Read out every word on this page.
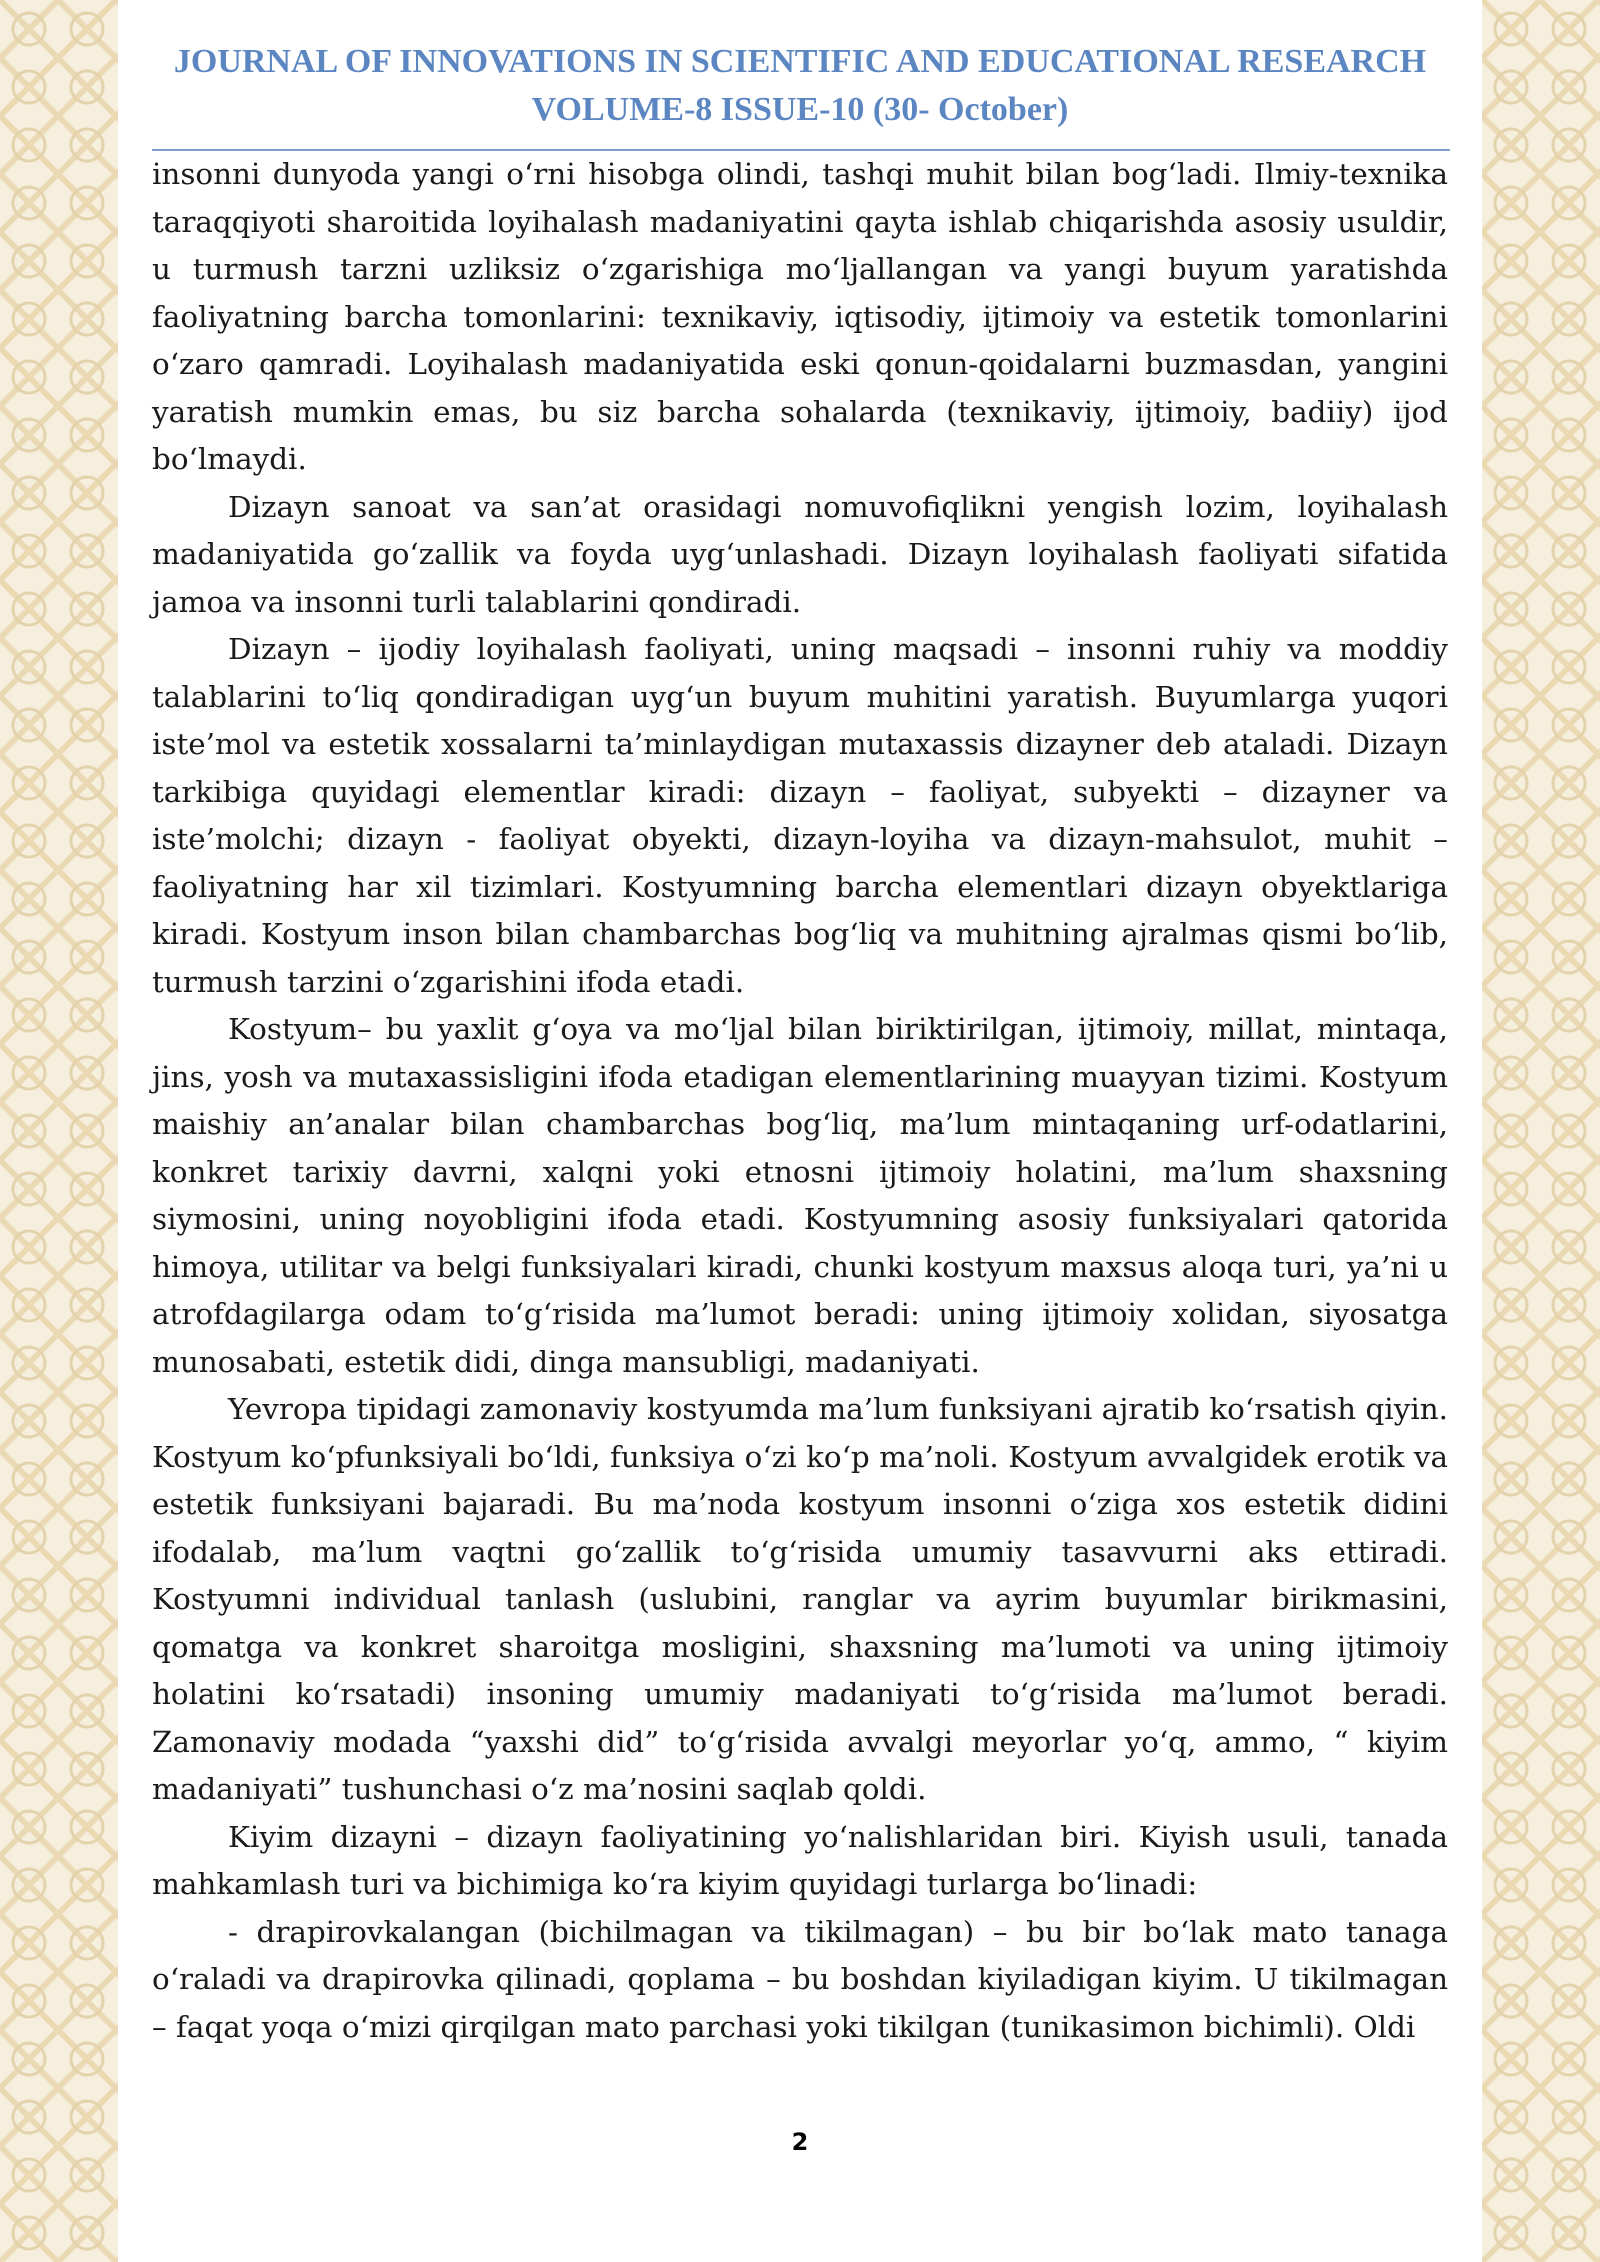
JOURNAL OF INNOVATIONS IN SCIENTIFIC AND EDUCATIONAL RESEARCH
VOLUME-8 ISSUE-10 (30- October)

insonni dunyoda yangi oʻrni hisobga olindi, tashqi muhit bilan bogʻladi. Ilmiy-texnika taraqqiyoti sharoitida loyihalash madaniyatini qayta ishlab chiqarishda asosiy usuldir, u turmush tarzni uzliksiz oʻzgarishiga moʻljallangan va yangi buyum yaratishda faoliyatning barcha tomonlarini: texnikaviy, iqtisodiy, ijtimoiy va estetik tomonlarini oʻzaro qamradi. Loyihalash madaniyatida eski qonun-qoidalarni buzmasdan, yangini yaratish mumkin emas, bu siz barcha sohalarda (texnikaviy, ijtimoiy, badiiy) ijod boʻlmaydi.

Dizayn sanoat va san’at orasidagi nomuvofiqlikni yengish lozim, loyihalash madaniyatida goʻzallik va foyda uygʻunlashadi. Dizayn loyihalash faoliyati sifatida jamoa va insonni turli talablarini qondiradi.

Dizayn – ijodiy loyihalash faoliyati, uning maqsadi – insonni ruhiy va moddiy talablarini toʻliq qondiradigan uygʻun buyum muhitini yaratish. Buyumlarga yuqori iste’mol va estetik xossalarni ta’minlaydigan mutaxassis dizayner deb ataladi. Dizayn tarkibiga quyidagi elementlar kiradi: dizayn – faoliyat, subyekti – dizayner va iste’molchi; dizayn - faoliyat obyekti, dizayn-loyiha va dizayn-mahsulot, muhit – faoliyatning har xil tizimlari. Kostyumning barcha elementlari dizayn obyektlariga kiradi. Kostyum inson bilan chambarchas bogʻliq va muhitning ajralmas qismi boʻlib, turmush tarzini oʻzgarishini ifoda etadi.

Kostyum– bu yaxlit gʻoya va moʻljal bilan biriktirilgan, ijtimoiy, millat, mintaqa, jins, yosh va mutaxassisligini ifoda etadigan elementlarining muayyan tizimi. Kostyum maishiy an’analar bilan chambarchas bogʻliq, ma’lum mintaqaning urf-odatlarini, konkret tarixiy davrni, xalqni yoki etnosni ijtimoiy holatini, ma’lum shaxsning siymosini, uning noyobligini ifoda etadi. Kostyumning asosiy funksiyalari qatorida himoya, utilitar va belgi funksiyalari kiradi, chunki kostyum maxsus aloqa turi, ya’ni u atrofdagilarga odam toʻgʻrisida ma’lumot beradi: uning ijtimoiy xolidan, siyosatga munosabati, estetik didi, dinga mansubligi, madaniyati.

Yevropa tipidagi zamonaviy kostyumda ma’lum funksiyani ajratib koʻrsatish qiyin. Kostyum koʻpfunksiyali boʻldi, funksiya oʻzi koʻp ma’noli. Kostyum avvalgidek erotik va estetik funksiyani bajaradi. Bu ma’noda kostyum insonni oʻziga xos estetik didini ifodalab, ma’lum vaqtni goʻzallik toʻgʻrisida umumiy tasavvurni aks ettiradi. Kostyumni individual tanlash (uslubini, ranglar va ayrim buyumlar birikmasini, qomatga va konkret sharoitga mosligini, shaxsning ma’lumoti va uning ijtimoiy holatini koʻrsatadi) insoning umumiy madaniyati toʻgʻrisida ma’lumot beradi. Zamonaviy modada “yaxshi did” toʻgʻrisida avvalgi meyorlar yoʻq, ammo, “ kiyim madaniyati” tushunchasi oʻz ma’nosini saqlab qoldi.

Kiyim dizayni – dizayn faoliyatining yoʻnalishlaridan biri. Kiyish usuli, tanada mahkamlash turi va bichimiga koʻra kiyim quyidagi turlarga boʻlinadi:

- drapirovkalangan (bichilmagan va tikilmagan) – bu bir boʻlak mato tanaga oʻraladi va drapirovka qilinadi, qoplama – bu boshdan kiyiladigan kiyim. U tikilmagan – faqat yoqa oʻmizi qirqilgan mato parchasi yoki tikilgan (tunikasimon bichimli). Oldi

2
